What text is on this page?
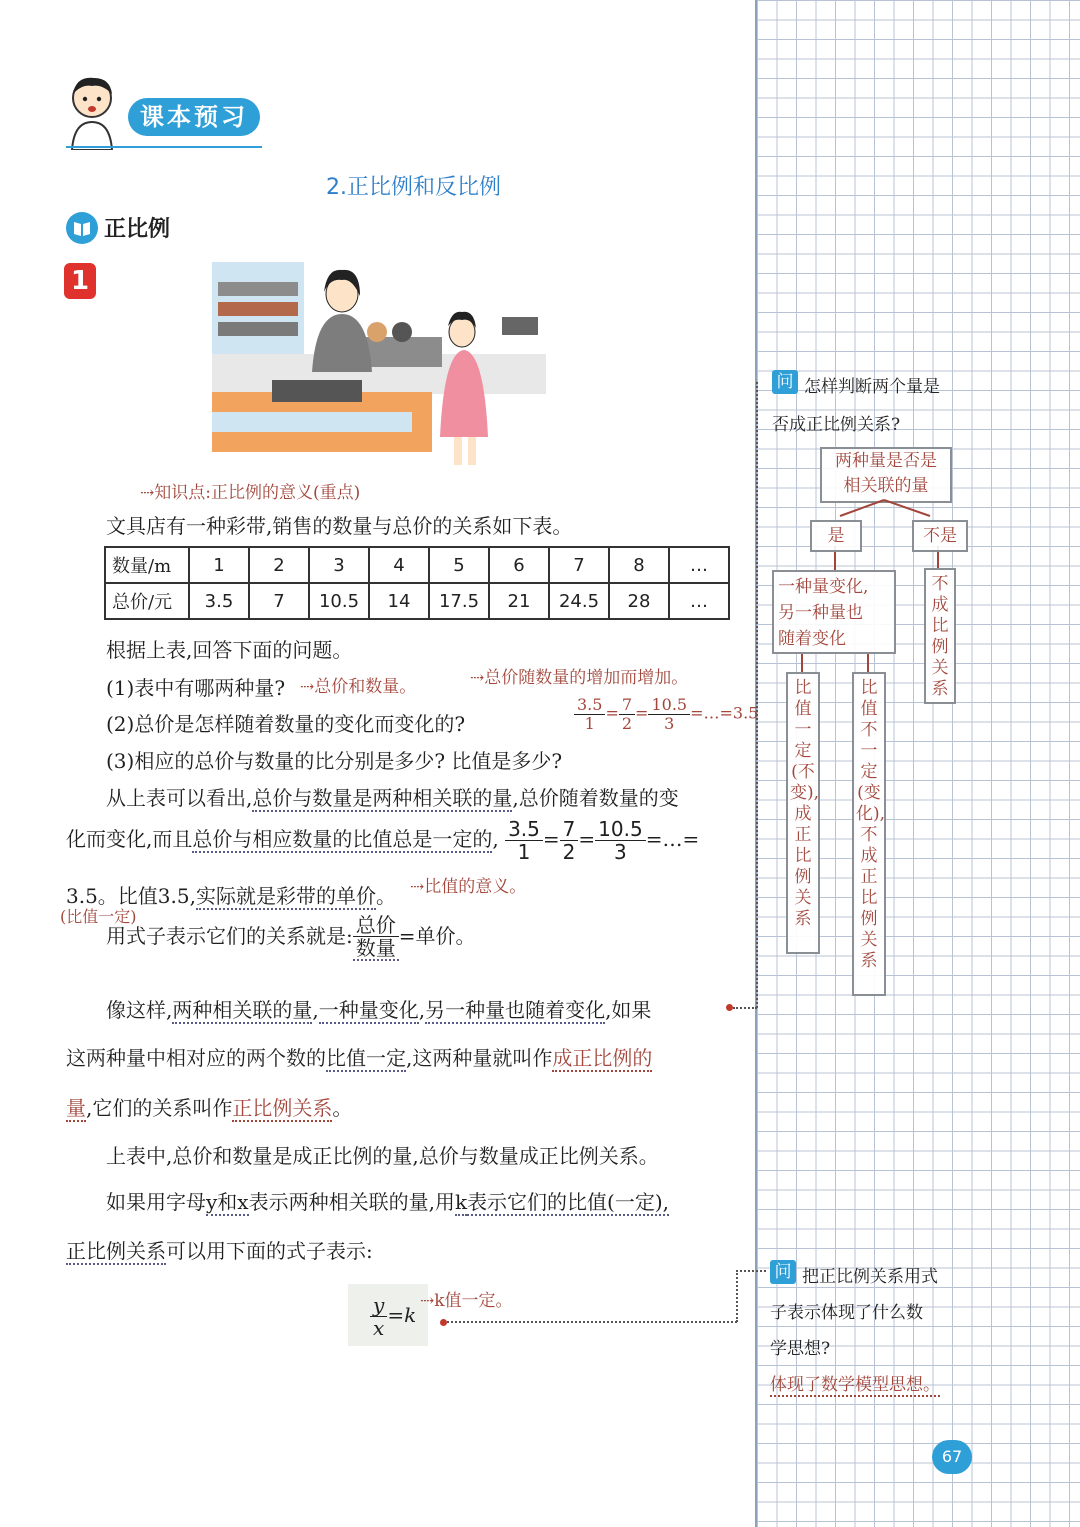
课本预习
2.正比例和反比例
正比例
1
⇢知识点:正比例的意义(重点)
文具店有一种彩带,销售的数量与总价的关系如下表。
数量/m	1	2	3	4	5	6	7	8	…
总价/元	3.5	7	10.5	14	17.5	21	24.5	28	…
根据上表,回答下面的问题。
(1)表中有哪两种量? ⇢总价和数量。	⇢总价随数量的增加而增加。
(2)总价是怎样随着数量的变化而变化的?
(3)相应的总价与数量的比分别是多少? 比值是多少?
$\frac{3.5}{1} = \frac{7}{2} = \frac{10.5}{3}$ =…=3.5
从上表可以看出,总价与数量是两种相关联的量,总价随着数量的变
化而变化,而且总价与相应数量的比值总是一定的, $\frac{3.5}{1} = \frac{7}{2} = \frac{10.5}{3}$ =…=
3.5。比值3.5,实际就是彩带的单价。 ⇢比值的意义。
(比值一定)
用式子表示它们的关系就是: $\frac{\text{总价}}{\text{数量}}$ =单价。
像这样,两种相关联的量,一种量变化,另一种量也随着变化,如果
这两种量中相对应的两个数的比值一定,这两种量就叫作成正比例的
量,它们的关系叫作正比例关系。
上表中,总价和数量是成正比例的量,总价与数量成正比例关系。
如果用字母y和x表示两种相关联的量,用k表示它们的比值(一定),
正比例关系可以用下面的式子表示:
$\frac{y}{x} =k$
⇢k值一定。
问 怎样判断两个量是
否成正比例关系?
两种量是否是
相关联的量
是	不是
一种量变化,
另一种量也
随着变化
不成比例关系
比值一定(不变),成正比例关系
比值不一定(变化),不成正比例关系
问 把正比例关系用式
子表示体现了什么数
学思想?
体现了数学模型思想。
67
